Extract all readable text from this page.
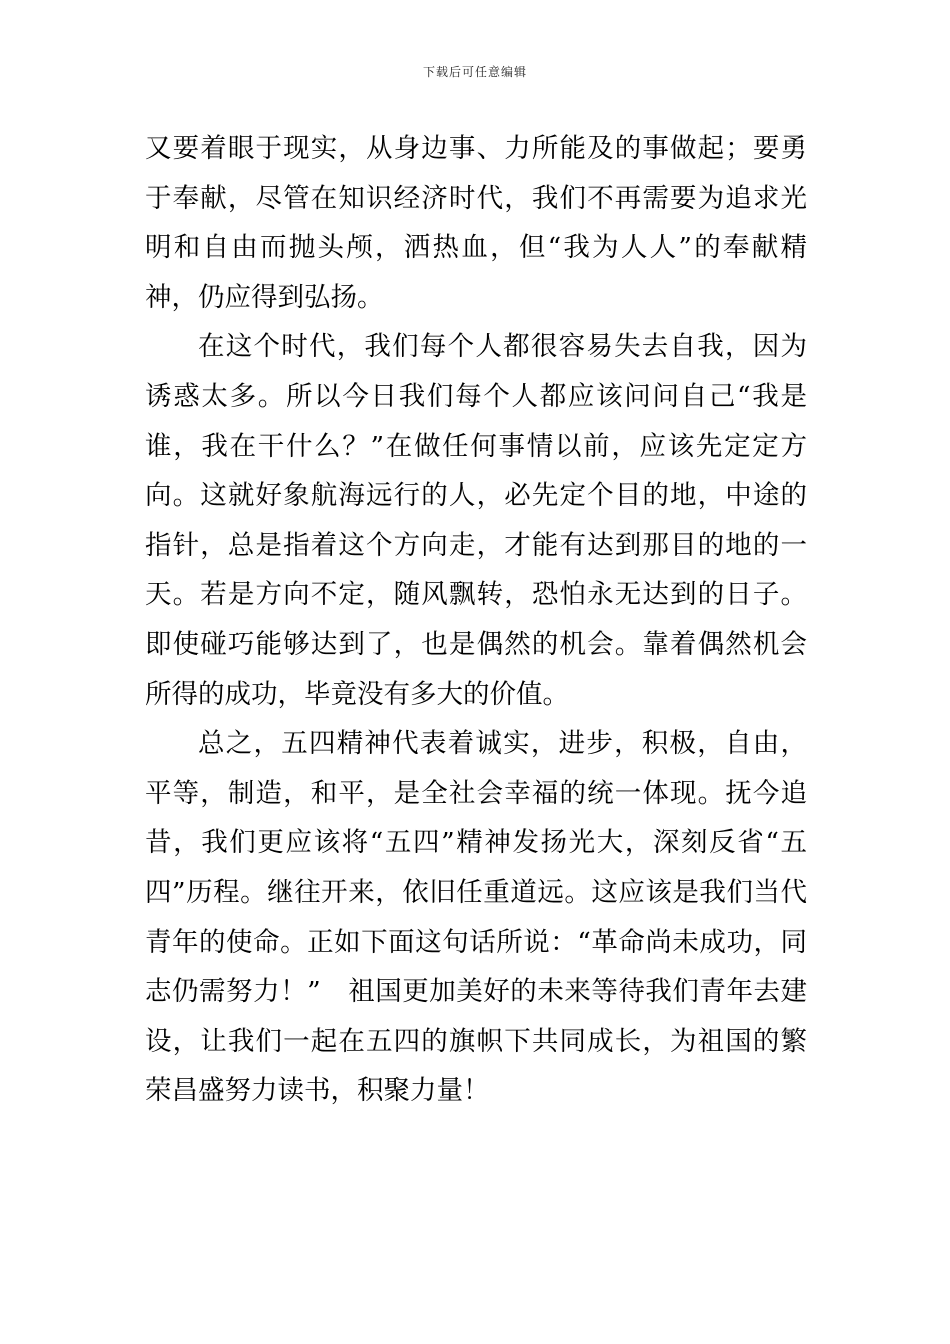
下载后可任意编辑

又要着眼于现实，从身边事、力所能及的事做起；要勇于奉献，尽管在知识经济时代，我们不再需要为追求光明和自由而抛头颅，洒热血，但“我为人人”的奉献精神，仍应得到弘扬。

在这个时代，我们每个人都很容易失去自我，因为诱惑太多。所以今日我们每个人都应该问问自己“我是谁，我在干什么？”在做任何事情以前，应该先定定方向。这就好象航海远行的人，必先定个目的地，中途的指针，总是指着这个方向走，才能有达到那目的地的一天。若是方向不定，随风飘转，恐怕永无达到的日子。即使碰巧能够达到了，也是偶然的机会。靠着偶然机会所得的成功，毕竟没有多大的价值。

总之，五四精神代表着诚实，进步，积极，自由，平等，制造，和平，是全社会幸福的统一体现。抚今追昔，我们更应该将“五四”精神发扬光大，深刻反省“五四”历程。继往开来，依旧任重道远。这应该是我们当代青年的使命。正如下面这句话所说：“革命尚未成功，同志仍需努力！”　祖国更加美好的未来等待我们青年去建设，让我们一起在五四的旗帜下共同成长，为祖国的繁荣昌盛努力读书，积聚力量！
